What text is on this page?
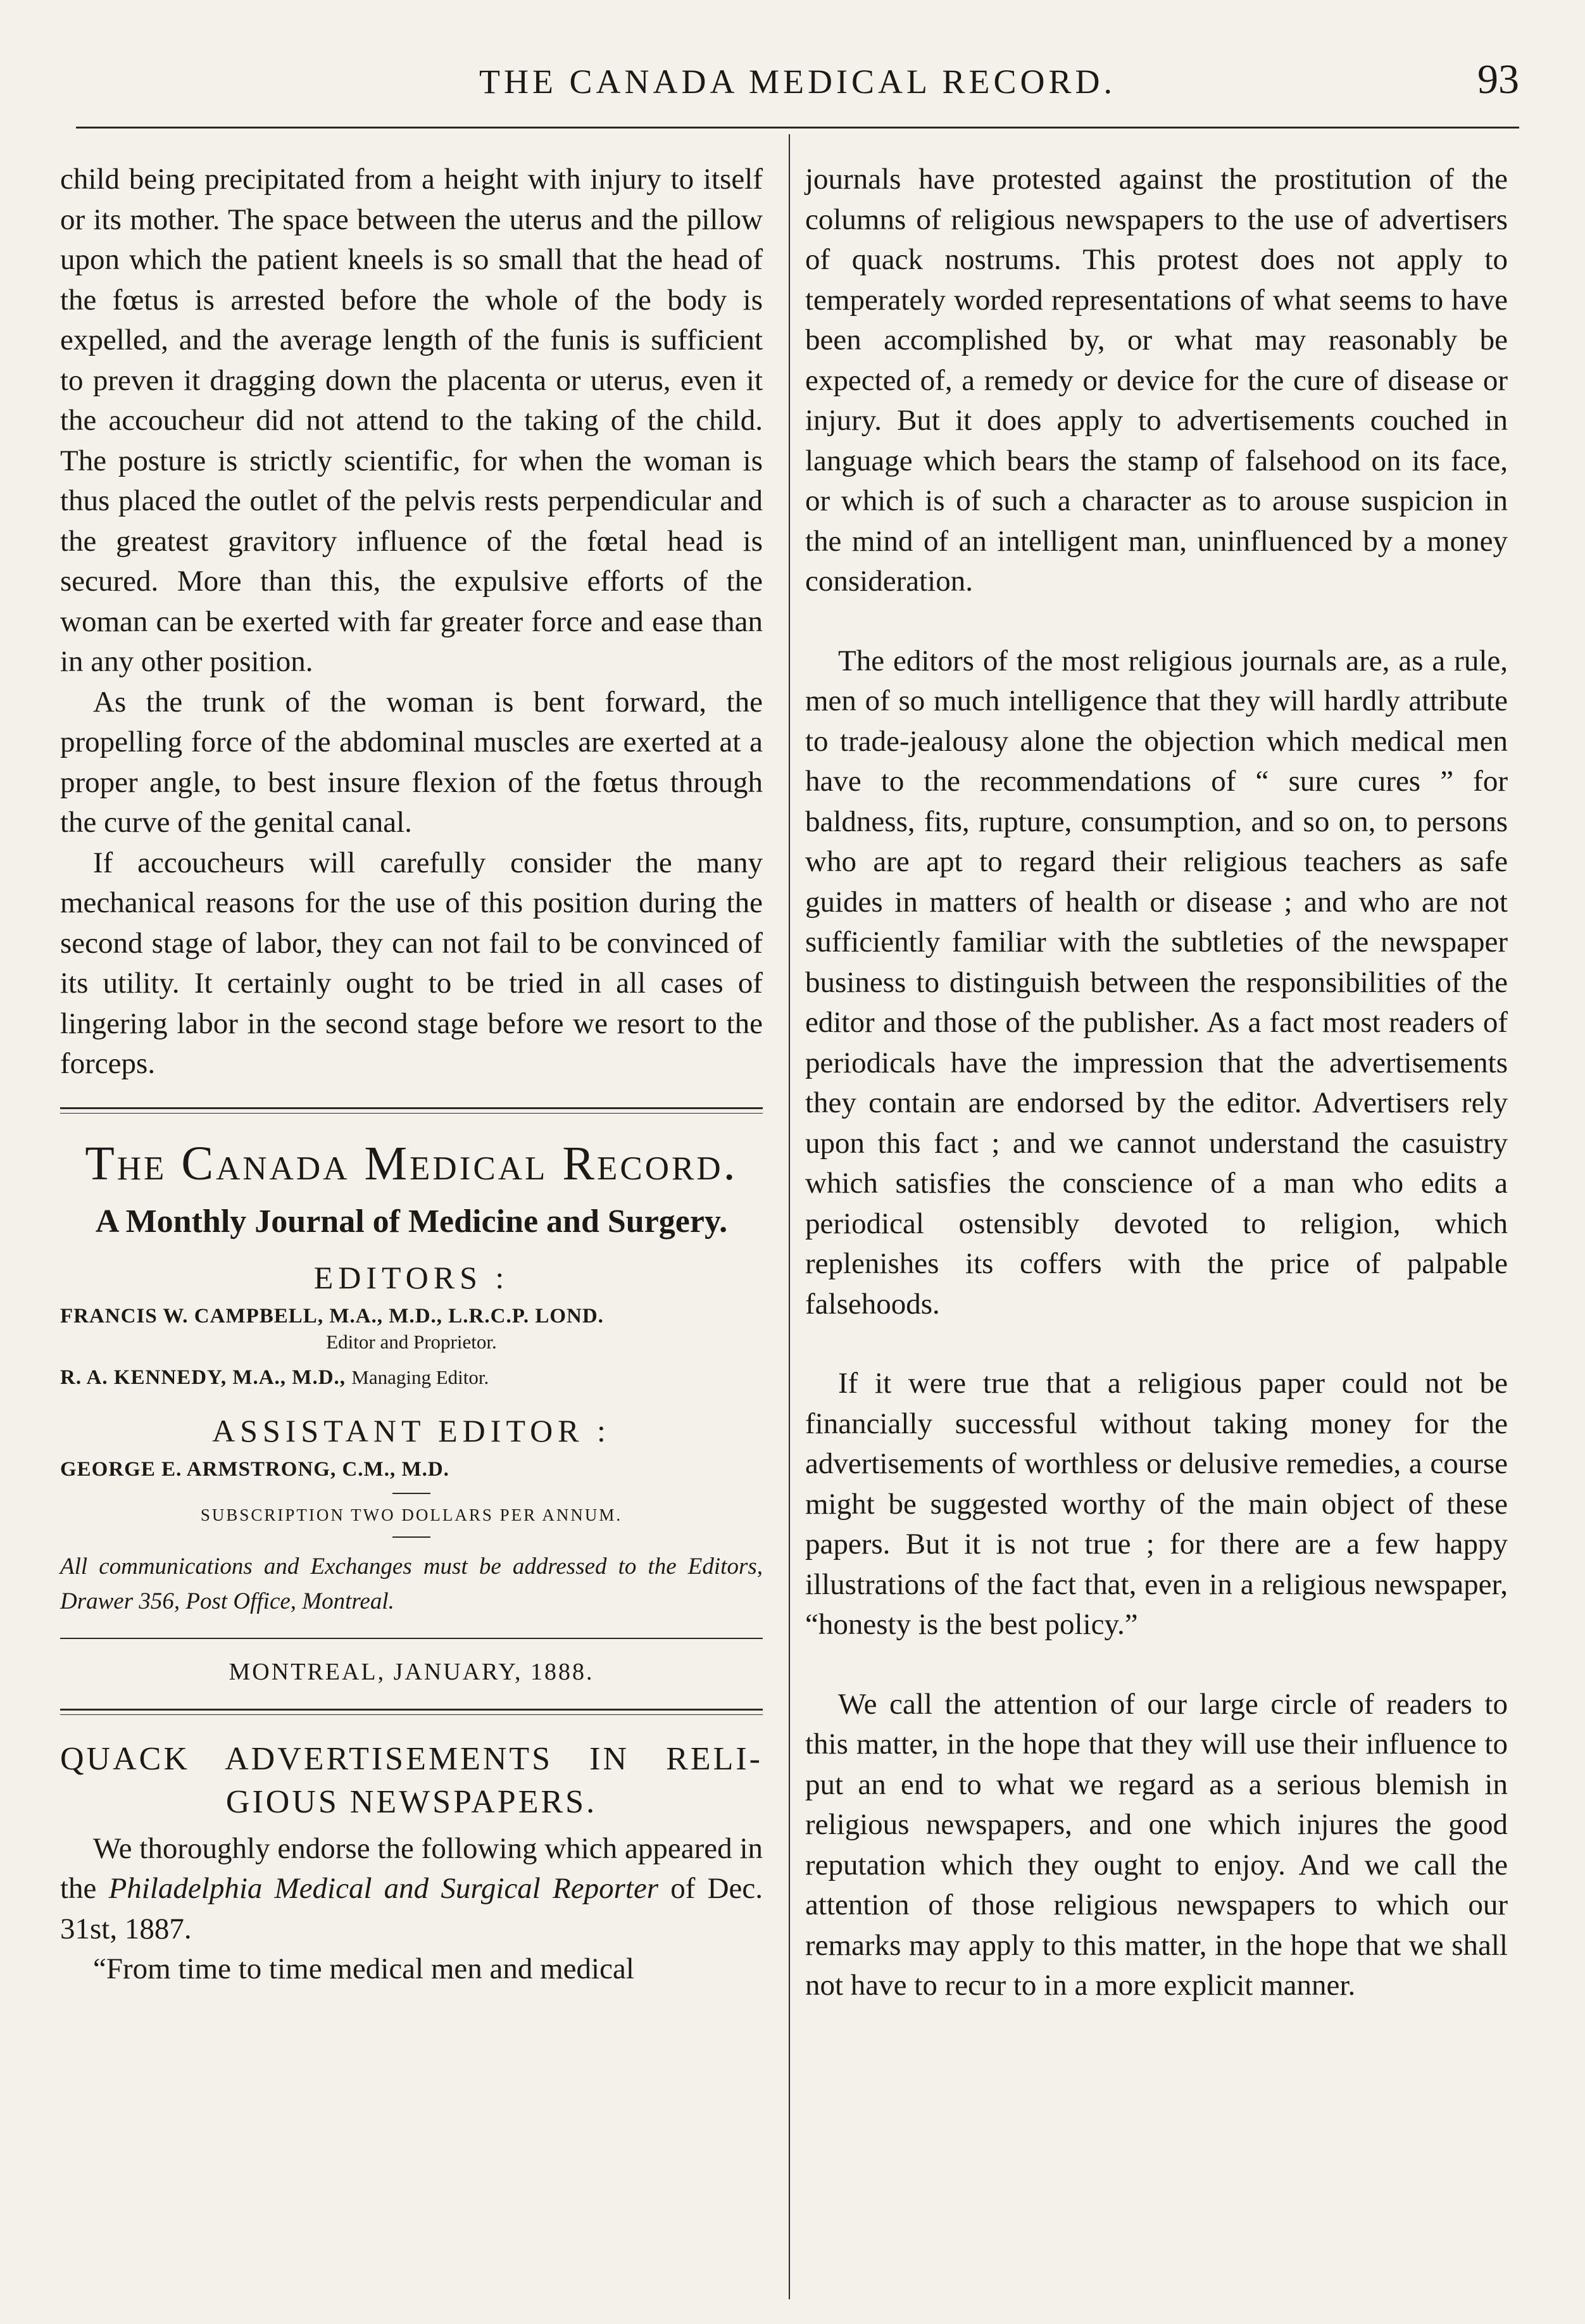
THE CANADA MEDICAL RECORD.	93

child being precipitated from a height with injury to itself or its mother. The space between the uterus and the pillow upon which the patient kneels is so small that the head of the fœtus is arrested before the whole of the body is expelled, and the average length of the funis is sufficient to preven it dragging down the placenta or uterus, even it the accoucheur did not attend to the taking of the child. The posture is strictly scientific, for when the woman is thus placed the outlet of the pelvis rests perpendicular and the greatest gravitory influence of the fœtal head is secured. More than this, the expulsive efforts of the woman can be exerted with far greater force and ease than in any other position.

As the trunk of the woman is bent forward, the propelling force of the abdominal muscles are exerted at a proper angle, to best insure flexion of the fœtus through the curve of the genital canal.

If accoucheurs will carefully consider the many mechanical reasons for the use of this position during the second stage of labor, they can not fail to be convinced of its utility. It certainly ought to be tried in all cases of lingering labor in the second stage before we resort to the forceps.

The Canada Medical Record.
A Monthly Journal of Medicine and Surgery.
EDITORS :
FRANCIS W. CAMPBELL, M.A., M.D., L.R.C.P. LOND.
Editor and Proprietor.
R. A. KENNEDY, M.A., M.D., Managing Editor.
ASSISTANT EDITOR :
GEORGE E. ARMSTRONG, C.M., M.D.
SUBSCRIPTION TWO DOLLARS PER ANNUM.
All communications and Exchanges must be addressed to the Editors, Drawer 356, Post Office, Montreal.
MONTREAL, JANUARY, 1888.
QUACK ADVERTISEMENTS IN RELI-
GIOUS NEWSPAPERS.

We thoroughly endorse the following which appeared in the Philadelphia Medical and Surgical Reporter of Dec. 31st, 1887.

“From time to time medical men and medical

journals have protested against the prostitution of the columns of religious newspapers to the use of advertisers of quack nostrums. This protest does not apply to temperately worded representations of what seems to have been accomplished by, or what may reasonably be expected of, a remedy or device for the cure of disease or injury. But it does apply to advertisements couched in language which bears the stamp of falsehood on its face, or which is of such a character as to arouse suspicion in the mind of an intelligent man, uninfluenced by a money consideration.

The editors of the most religious journals are, as a rule, men of so much intelligence that they will hardly attribute to trade-jealousy alone the objection which medical men have to the recommendations of “ sure cures ” for baldness, fits, rupture, consumption, and so on, to persons who are apt to regard their religious teachers as safe guides in matters of health or disease ; and who are not sufficiently familiar with the subtleties of the newspaper business to distinguish between the responsibilities of the editor and those of the publisher. As a fact most readers of periodicals have the impression that the advertisements they contain are endorsed by the editor. Advertisers rely upon this fact ; and we cannot understand the casuistry which satisfies the conscience of a man who edits a periodical ostensibly devoted to religion, which replenishes its coffers with the price of palpable falsehoods.

If it were true that a religious paper could not be financially successful without taking money for the advertisements of worthless or delusive remedies, a course might be suggested worthy of the main object of these papers. But it is not true ; for there are a few happy illustrations of the fact that, even in a religious newspaper, “honesty is the best policy.”

We call the attention of our large circle of readers to this matter, in the hope that they will use their influence to put an end to what we regard as a serious blemish in religious newspapers, and one which injures the good reputation which they ought to enjoy. And we call the attention of those religious newspapers to which our remarks may apply to this matter, in the hope that we shall not have to recur to in a more explicit manner.
